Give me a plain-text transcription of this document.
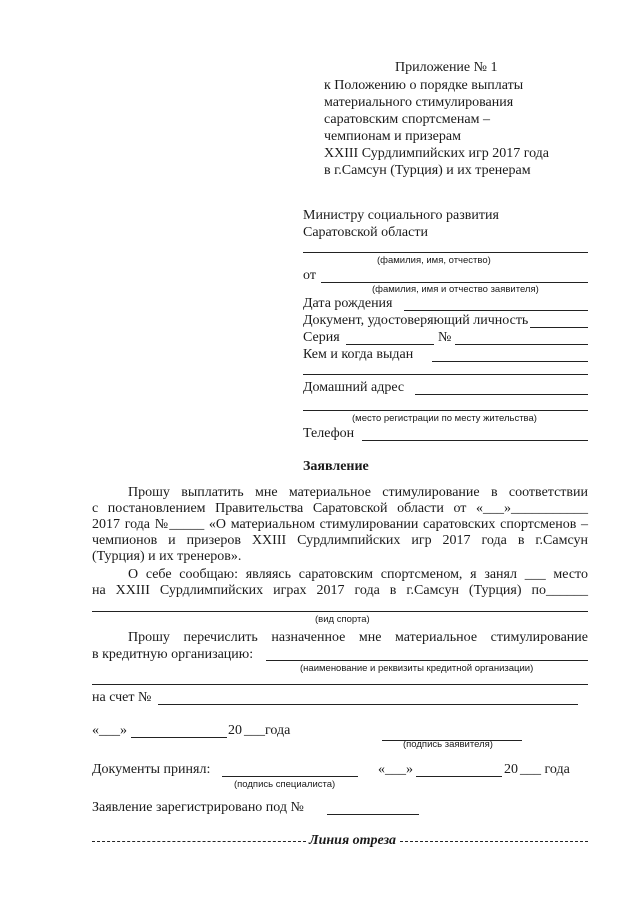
Приложение № 1
к Положению о порядке выплаты
материального стимулирования
саратовским спортсменам –
чемпионам и призерам
XXIII Сурдлимпийских игр 2017 года
в г.Самсун (Турция) и их тренерам
Министру социального развития
Саратовской области
(фамилия, имя, отчество)
от
(фамилия, имя и отчество заявителя)
Дата рождения
Документ, удостоверяющий личность
Серия	№
Кем и когда выдан
Домашний адрес
(место регистрации по месту жительства)
Телефон
Заявление
Прошу выплатить мне материальное стимулирование в соответствии
с постановлением Правительства Саратовской области от «___»___________
2017 года №_____ «О материальном стимулировании саратовских спортсменов –
чемпионов и призеров XXIII Сурдлимпийских игр 2017 года в г.Самсун
(Турция) и их тренеров».
О себе сообщаю: являясь саратовским спортсменом, я занял ___ место
на XXIII Сурдлимпийских играх 2017 года в г.Самсун (Турция) по______
(вид спорта)
Прошу перечислить назначенное мне материальное стимулирование
в кредитную организацию:
(наименование и реквизиты кредитной организации)
на счет №
«___»	20 ___года
(подпись заявителя)
Документы принял:
(подпись специалиста)
«___»	20 ___ года
Заявление зарегистрировано под №
Линия отреза
